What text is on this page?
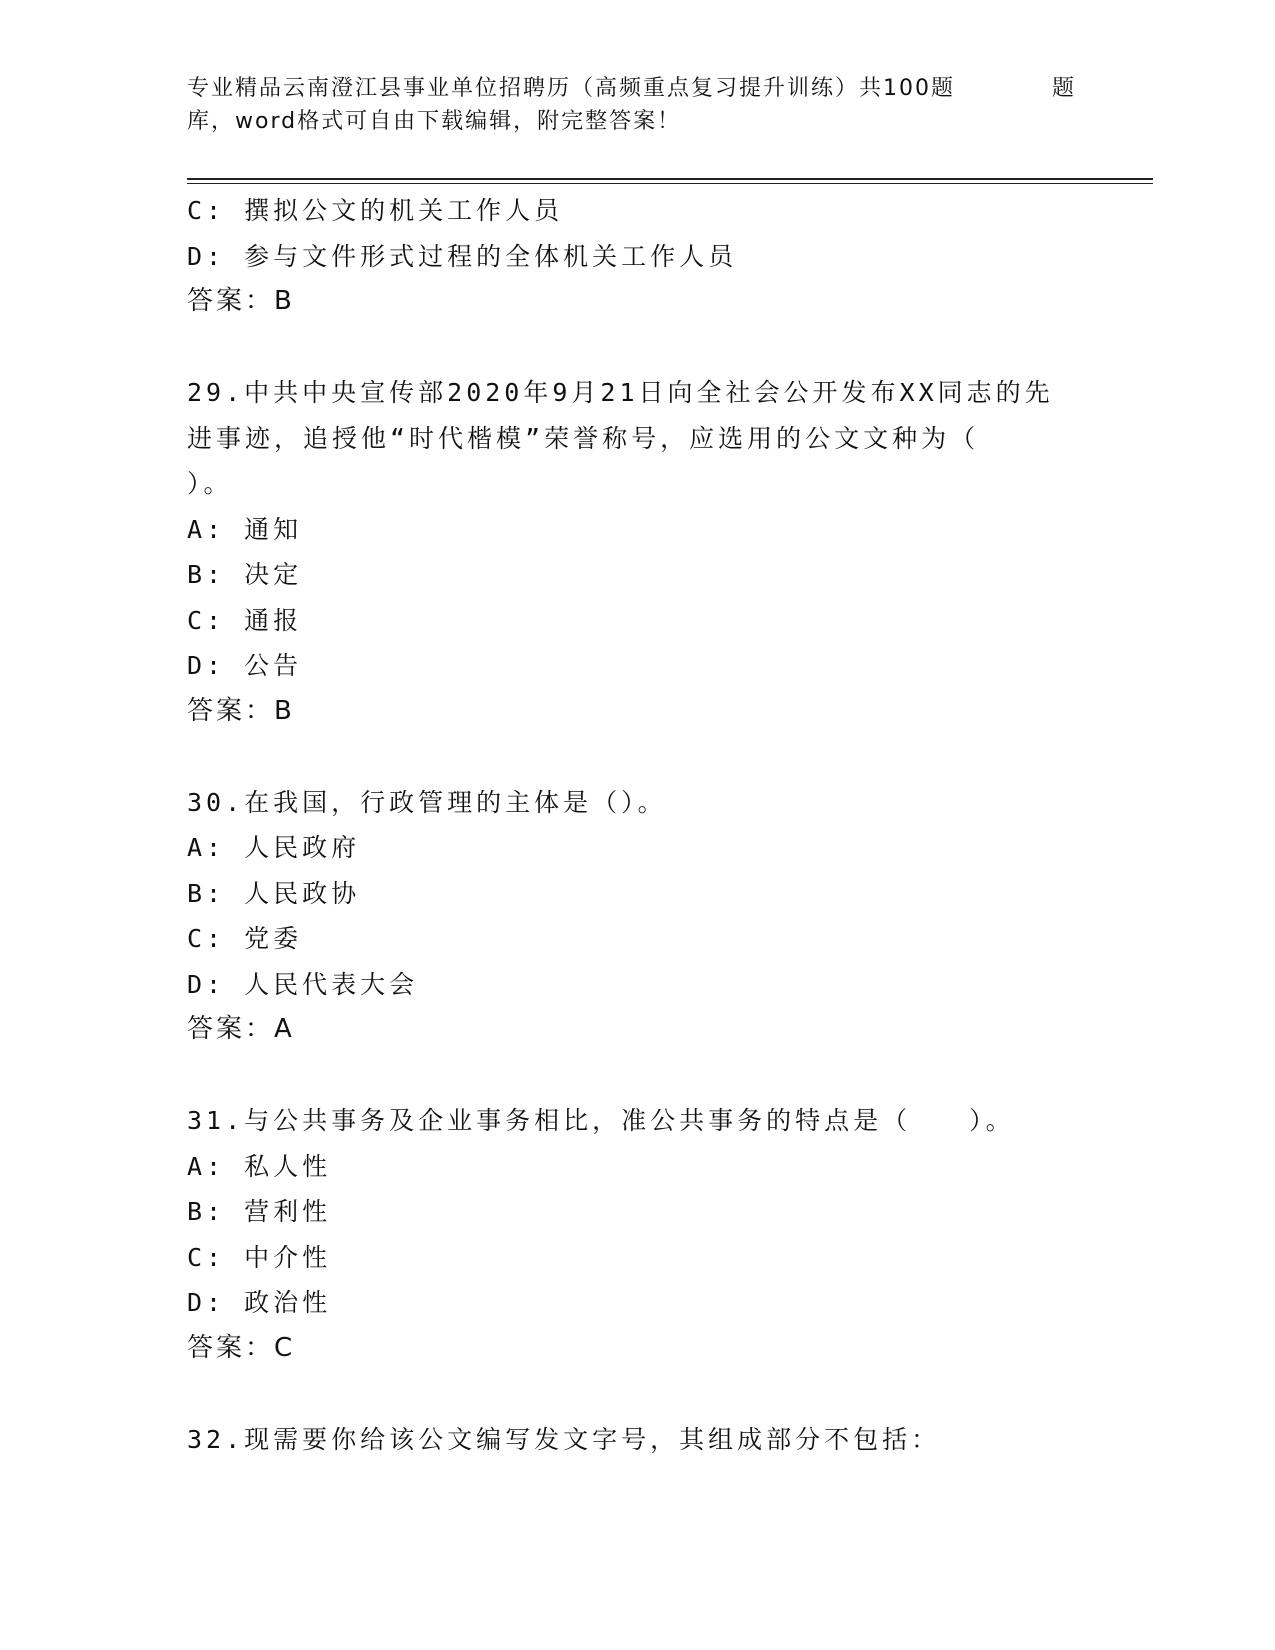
专业精品云南澄江县事业单位招聘历（高频重点复习提升训练）共100题	题
库，word格式可自由下载编辑，附完整答案！
C: 撰拟公文的机关工作人员
D: 参与文件形式过程的全体机关工作人员
答案：B
29.中共中央宣传部2020年9月21日向全社会公开发布XX同志的先
进事迹，追授他“时代楷模”荣誉称号，应选用的公文文种为（
）。
A: 通知
B: 决定
C: 通报
D: 公告
答案：B
30.在我国，行政管理的主体是（）。
A: 人民政府
B: 人民政协
C: 党委
D: 人民代表大会
答案：A
31.与公共事务及企业事务相比，准公共事务的特点是（　　）。
A: 私人性
B: 营利性
C: 中介性
D: 政治性
答案：C
32.现需要你给该公文编写发文字号，其组成部分不包括：
